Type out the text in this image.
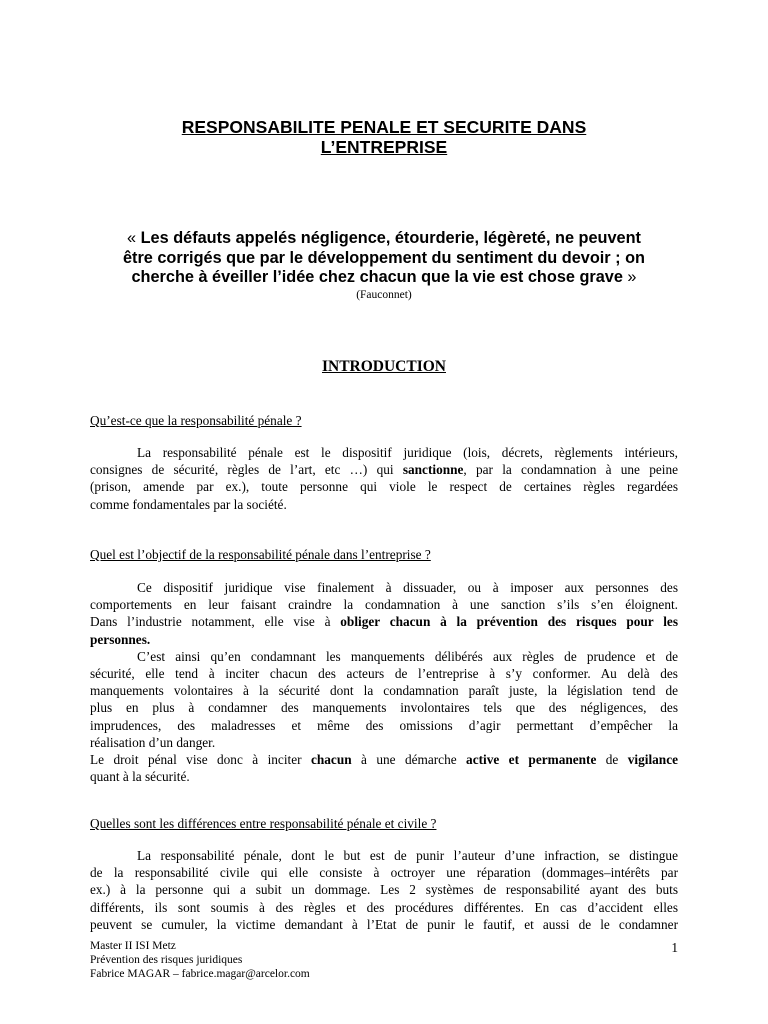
RESPONSABILITE PENALE ET SECURITE DANS
L’ENTREPRISE
« Les défauts appelés négligence, étourderie, légèreté, ne peuvent
être corrigés que par le développement du sentiment du devoir ; on
cherche à éveiller l’idée chez chacun que la vie est chose grave »
(Fauconnet)
INTRODUCTION
Qu’est-ce que la responsabilité pénale ?
La responsabilité pénale est le dispositif juridique (lois, décrets, règlements intérieurs,
consignes de sécurité, règles de l’art, etc …) qui sanctionne, par la condamnation à une peine
(prison, amende par ex.), toute personne qui viole le respect de certaines règles regardées
comme fondamentales par la société.
Quel est l’objectif de la responsabilité pénale dans l’entreprise ?
Ce dispositif juridique vise finalement à dissuader, ou à imposer aux personnes des
comportements en leur faisant craindre la condamnation à une sanction s’ils s’en éloignent.
Dans l’industrie notamment, elle vise à obliger chacun à la prévention des risques pour les
personnes.
C’est ainsi qu’en condamnant les manquements délibérés aux règles de prudence et de
sécurité, elle tend à inciter chacun des acteurs de l’entreprise à s’y conformer. Au delà des
manquements volontaires à la sécurité dont la condamnation paraît juste, la législation tend de
plus en plus à condamner des manquements involontaires tels que des négligences, des
imprudences, des maladresses et même des omissions d’agir permettant d’empêcher la
réalisation d’un danger.
Le droit pénal vise donc à inciter chacun à une démarche active et permanente de vigilance
quant à la sécurité.
Quelles sont les différences entre responsabilité pénale et civile ?
La responsabilité pénale, dont le but est de punir l’auteur d’une infraction, se distingue
de la responsabilité civile qui elle consiste à octroyer une réparation (dommages–intérêts par
ex.) à la personne qui a subit un dommage. Les 2 systèmes de responsabilité ayant des buts
différents, ils sont soumis à des règles et des procédures différentes. En cas d’accident elles
peuvent se cumuler, la victime demandant à l’Etat de punir le fautif, et aussi de le condamner
Master II ISI Metz
Prévention des risques juridiques
Fabrice MAGAR – fabrice.magar@arcelor.com
1
